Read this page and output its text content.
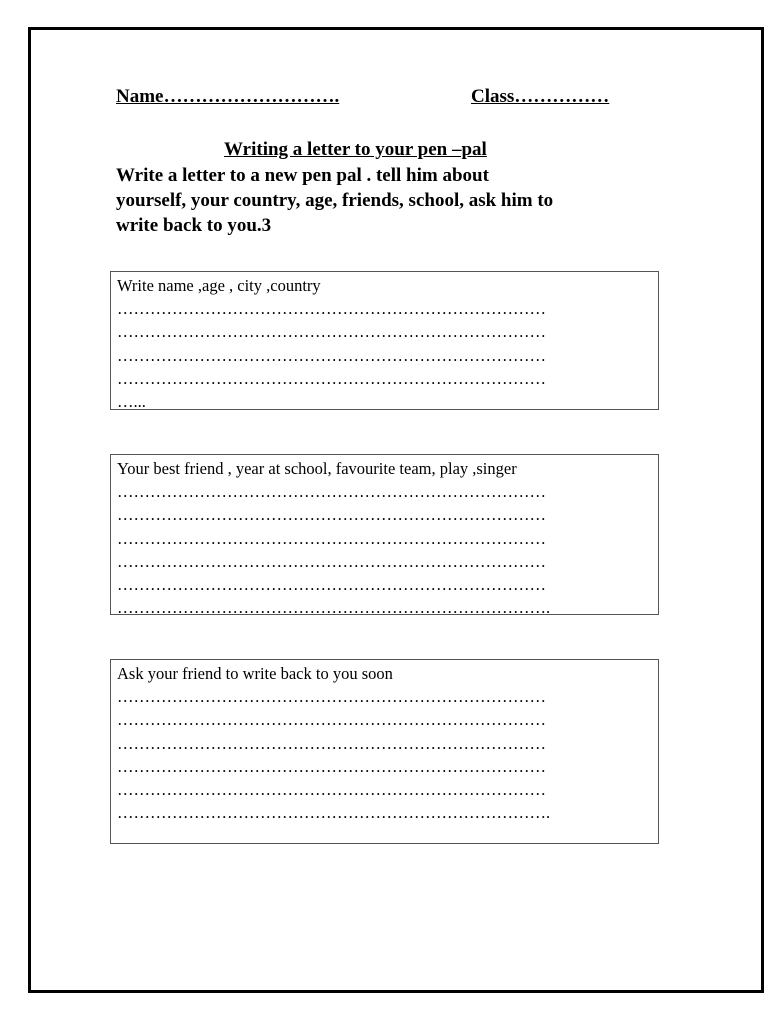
Name……………………….	Class……………
Writing a letter to your pen –pal
Write a letter to a new pen pal . tell him about
yourself, your country, age, friends, school, ask him to
write back to you.3
Write name ,age , city ,country
……………………………………………………………………
……………………………………………………………………
……………………………………………………………………
……………………………………………………………………
…...
Your best friend , year at school, favourite team, play ,singer
……………………………………………………………………
……………………………………………………………………
……………………………………………………………………
……………………………………………………………………
……………………………………………………………………
…………………………………………………………………….
Ask your friend to write back to you soon
……………………………………………………………………
……………………………………………………………………
……………………………………………………………………
……………………………………………………………………
……………………………………………………………………
…………………………………………………………………….
